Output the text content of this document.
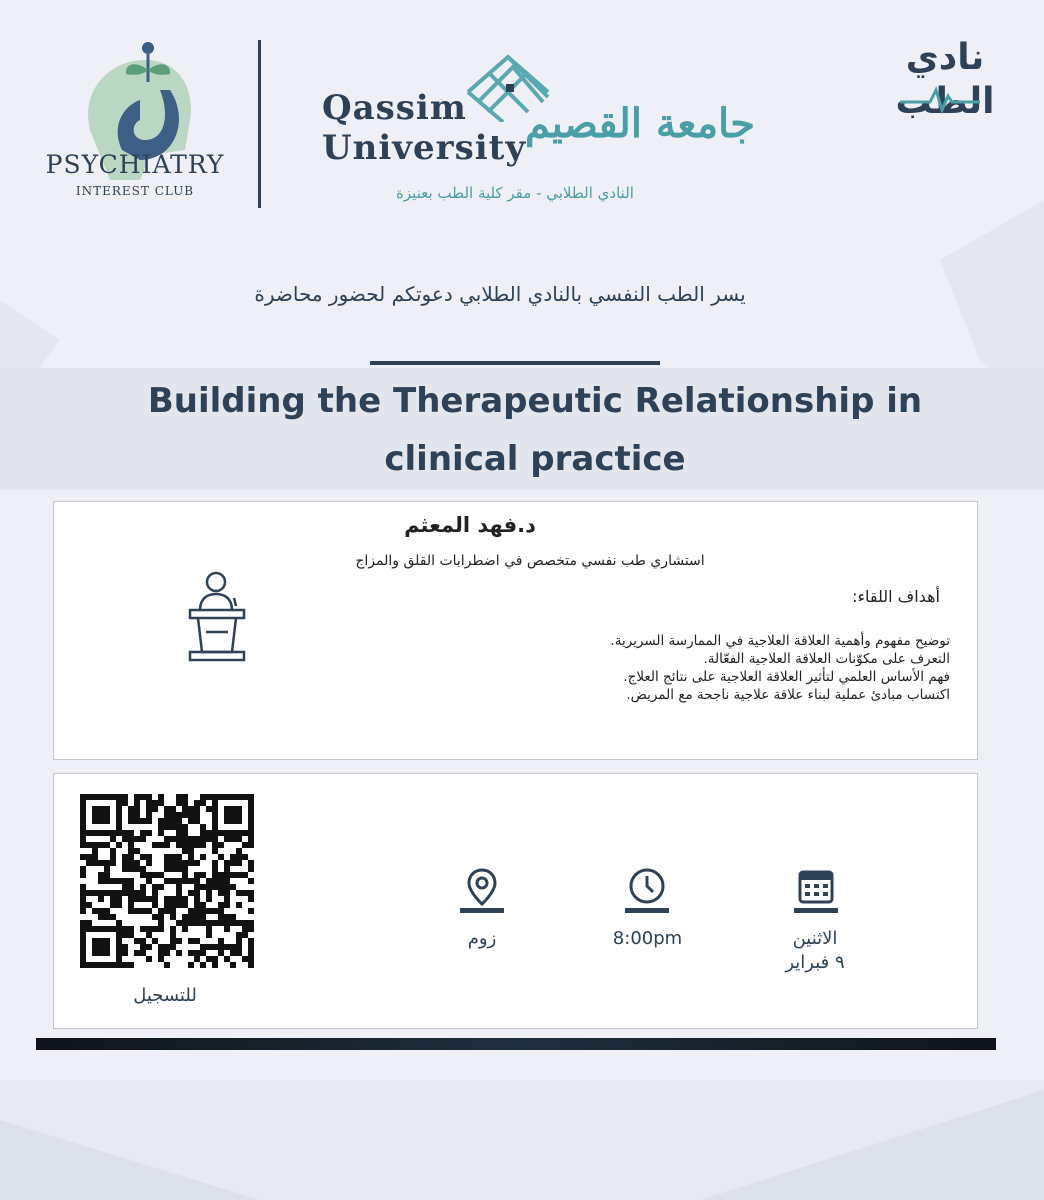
PSYCHIATRY
INTEREST CLUB
Qassim
University
جامعة القصيم
النادي الطلابي - مقر كلية الطب بعنيزة
نادي الطب
يسر الطب النفسي بالنادي الطلابي دعوتكم لحضور محاضرة
Building the Therapeutic Relationship in
clinical practice
د.فهد المعثم
استشاري طب نفسي متخصص في اضطرابات القلق والمزاج
أهداف اللقاء:
توضيح مفهوم وأهمية العلاقة العلاجية في الممارسة السريرية.
التعرف على مكوّنات العلاقة العلاجية الفعّالة.
فهم الأساس العلمي لتأثير العلاقة العلاجية على نتائج العلاج.
اكتساب مبادئ عملية لبناء علاقة علاجية ناجحة مع المريض.
للتسجيل
زوم	8:00pm	الاثنين
٩ فبراير
